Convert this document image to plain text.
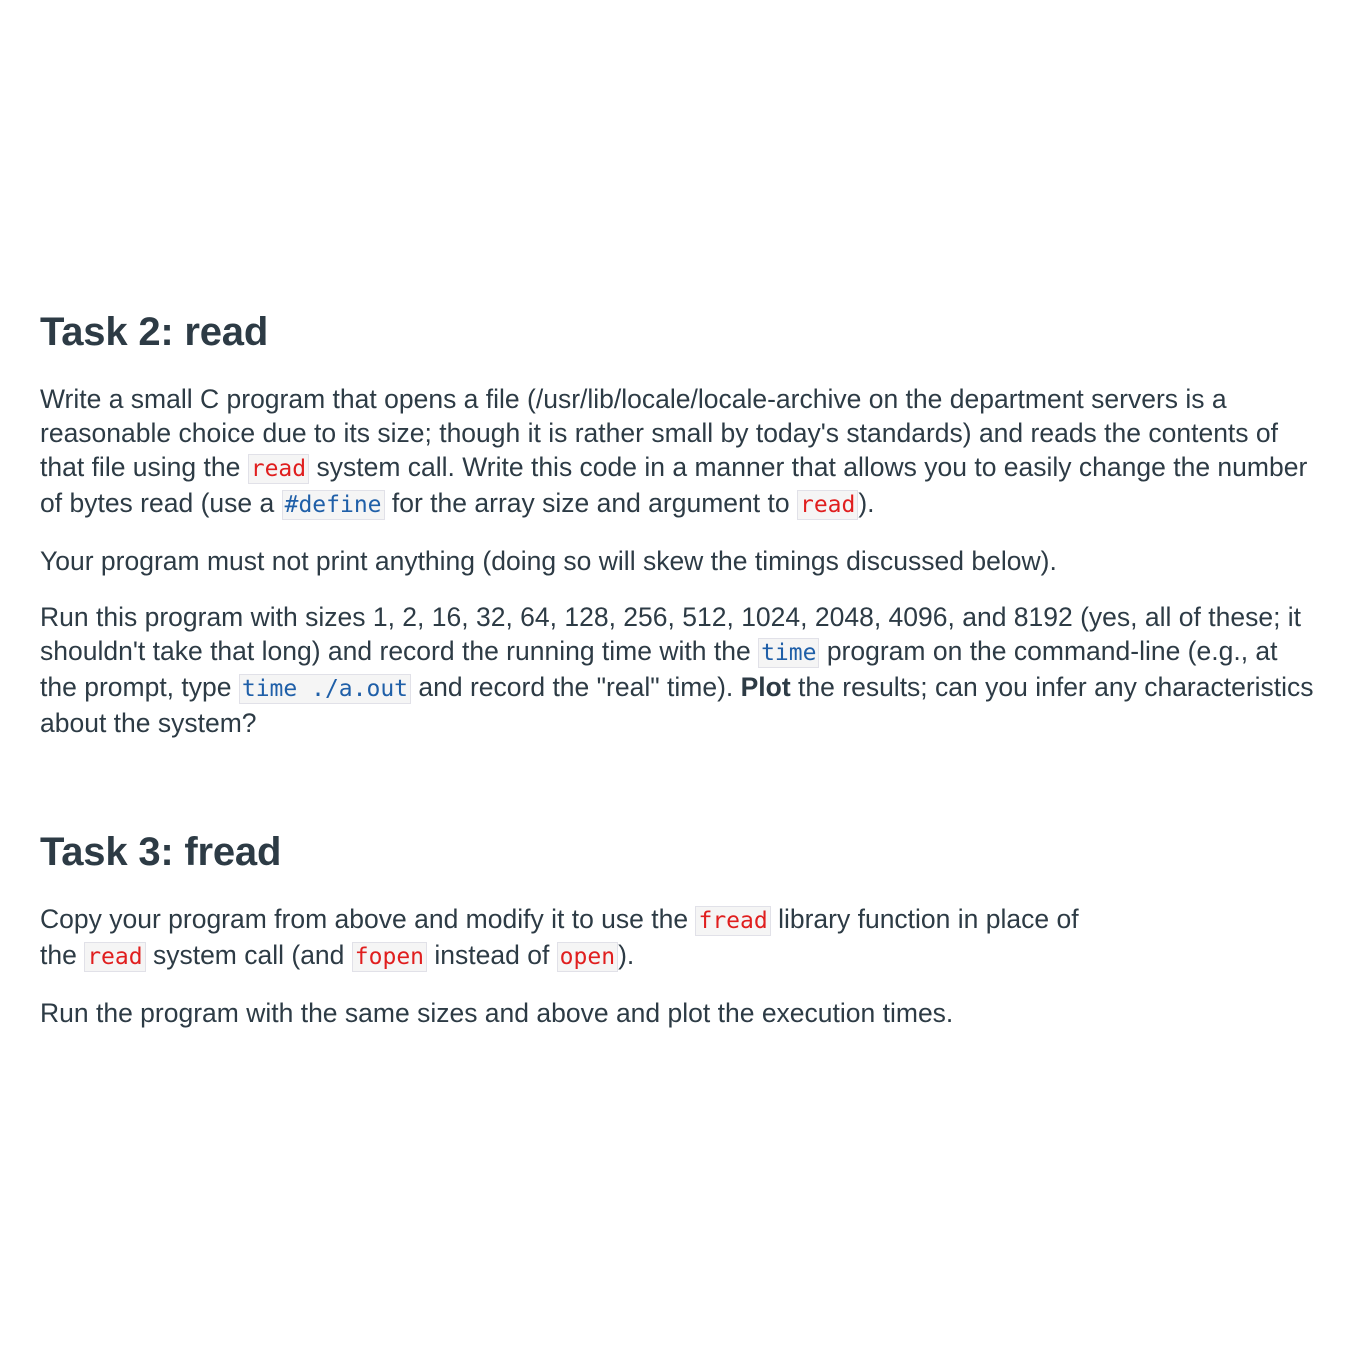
Task 2: read

Write a small C program that opens a file (/usr/lib/locale/locale-archive on the department servers is a reasonable choice due to its size; though it is rather small by today's standards) and reads the contents of that file using the read system call. Write this code in a manner that allows you to easily change the number of bytes read (use a #define for the array size and argument to read ).

Your program must not print anything (doing so will skew the timings discussed below).

Run this program with sizes 1, 2, 16, 32, 64, 128, 256, 512, 1024, 2048, 4096, and 8192 (yes, all of these; it shouldn't take that long) and record the running time with the time program on the command-line (e.g., at the prompt, type time ./a.out and record the "real" time). Plot the results; can you infer any characteristics about the system?

Task 3: fread

Copy your program from above and modify it to use the fread library function in place of
the read system call (and fopen instead of open ).

Run the program with the same sizes and above and plot the execution times.
